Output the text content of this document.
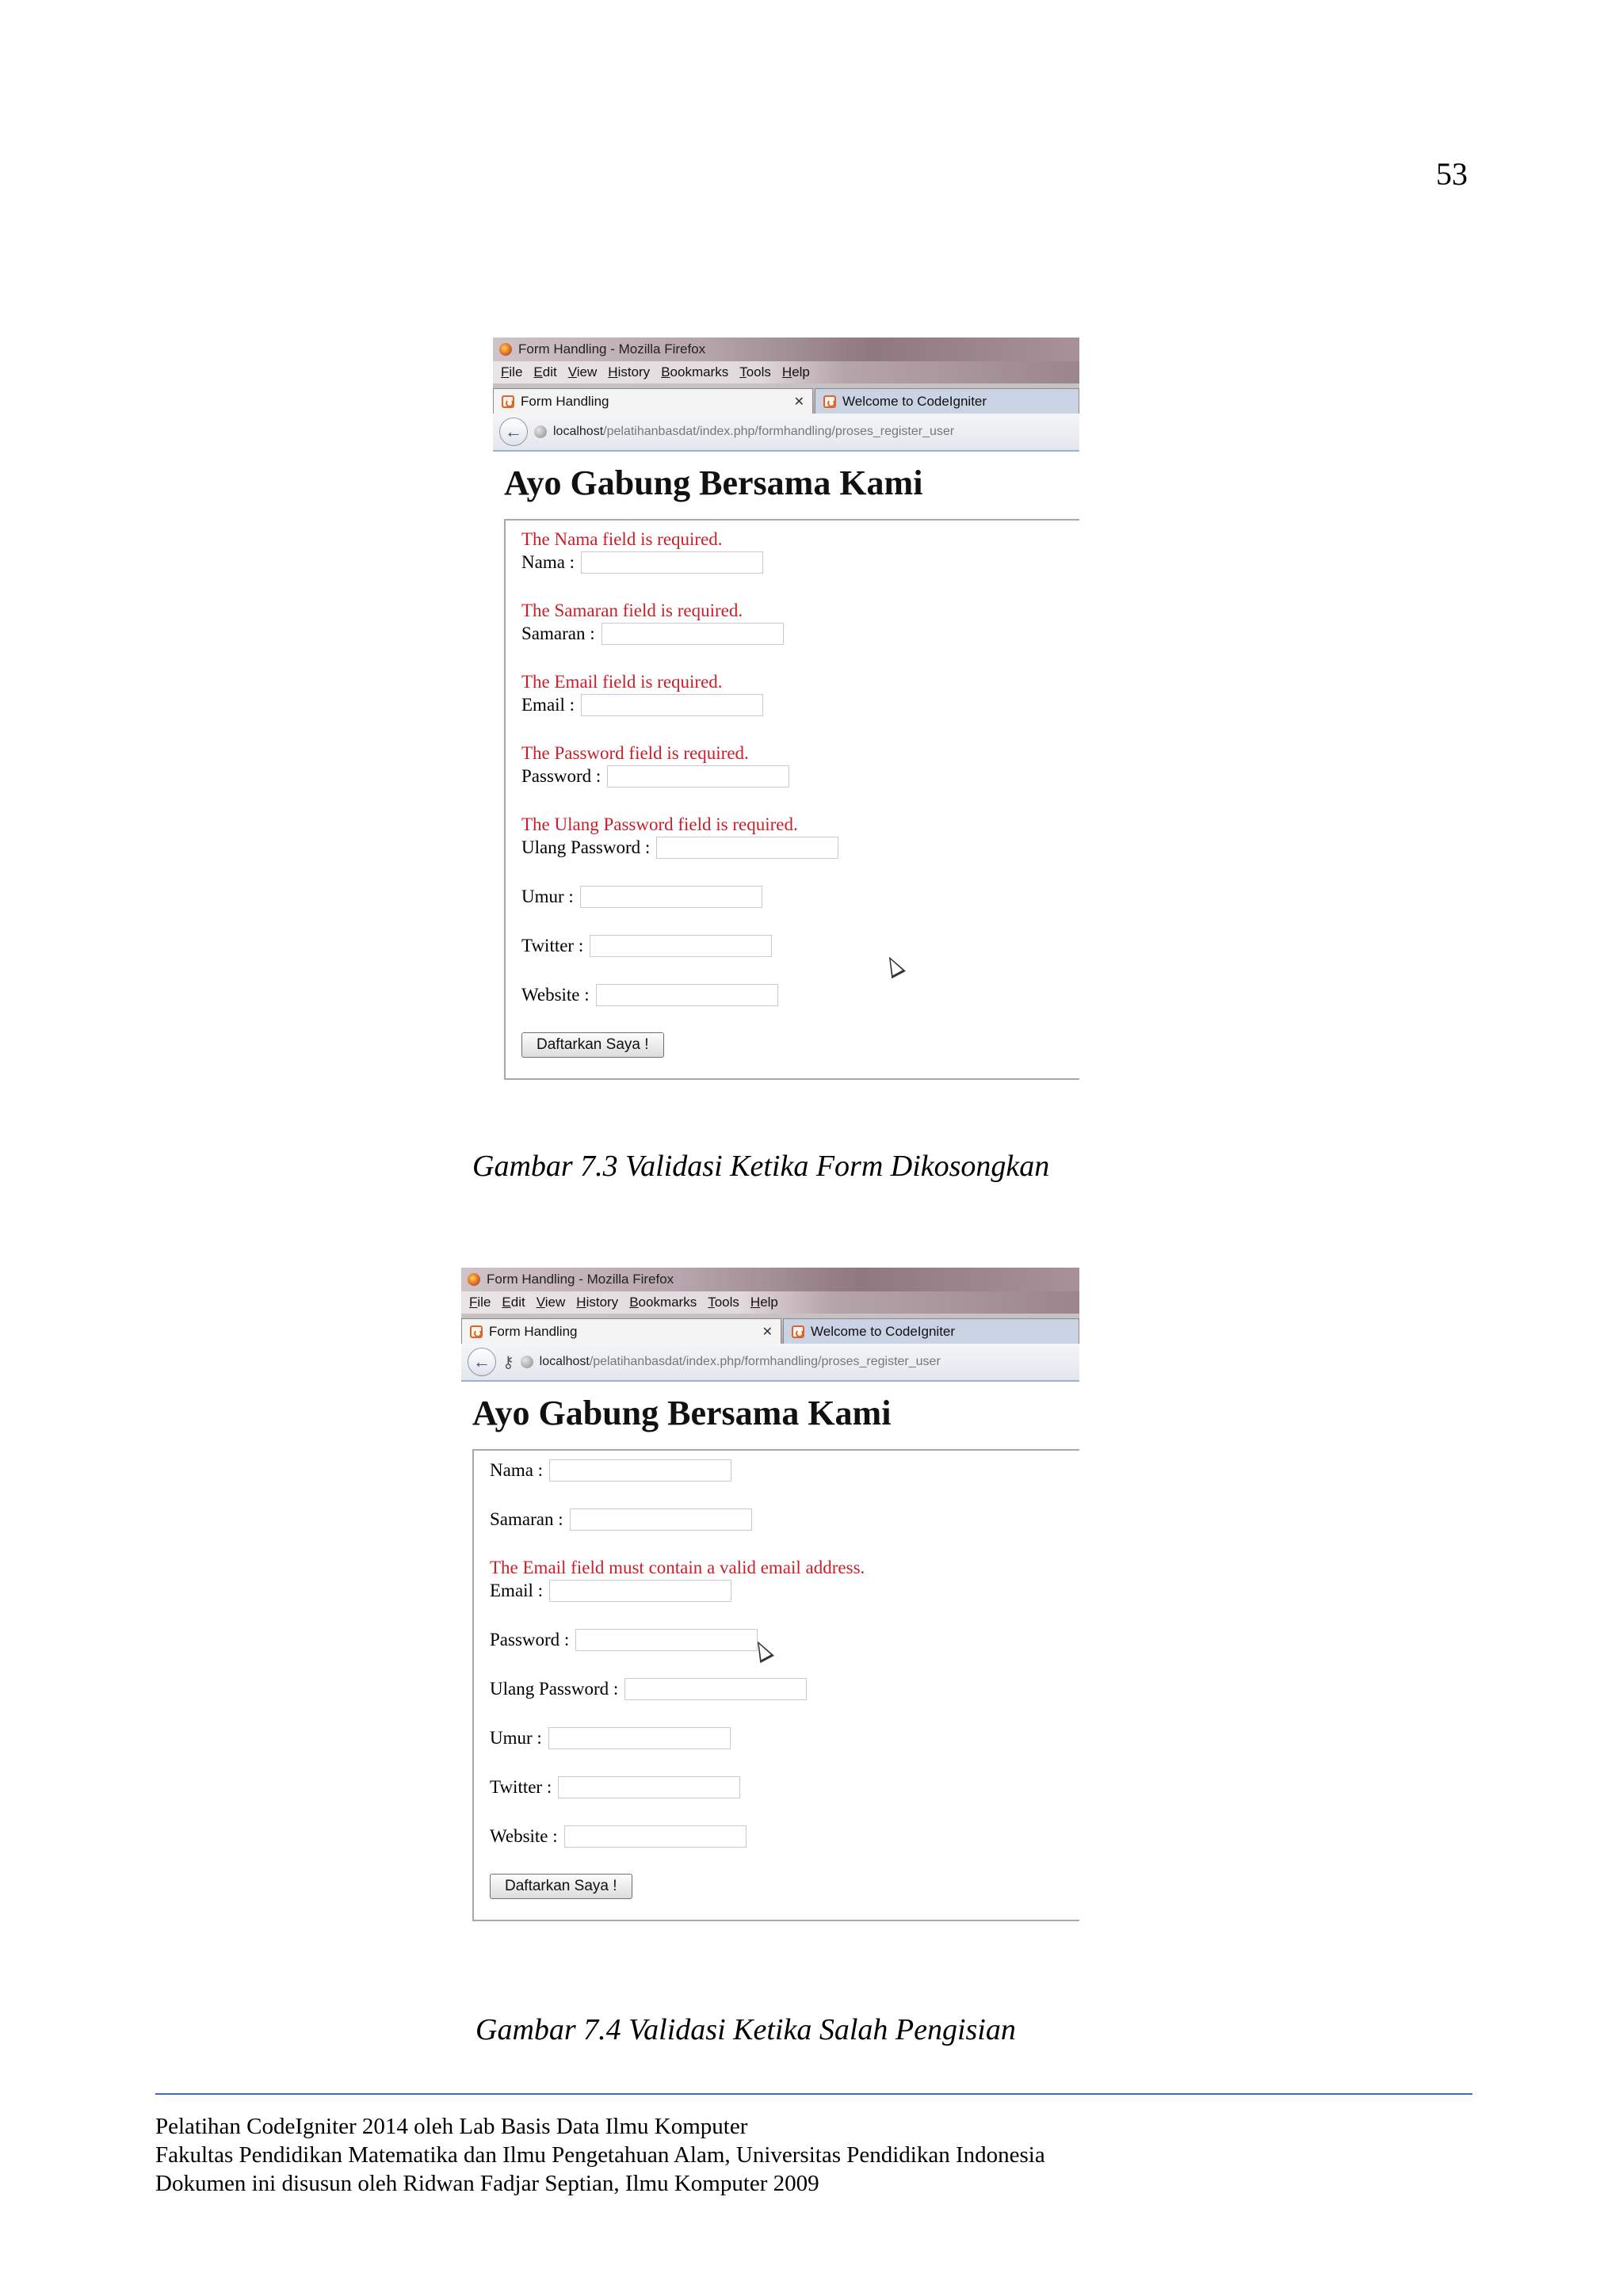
53
Form Handling - Mozilla Firefox
File Edit View History Bookmarks Tools Help
Form Handling	✕	Welcome to CodeIgniter
←	localhost/pelatihanbasdat/index.php/formhandling/proses_register_user
Ayo Gabung Bersama Kami
The Nama field is required.
Nama :
The Samaran field is required.
Samaran :
The Email field is required.
Email :
The Password field is required.
Password :
The Ulang Password field is required.
Ulang Password :
Umur :
Twitter :
Website :
Daftarkan Saya !
Gambar 7.3 Validasi Ketika Form Dikosongkan
Form Handling - Mozilla Firefox
File Edit View History Bookmarks Tools Help
Form Handling	✕	Welcome to CodeIgniter
← ⚷ localhost/pelatihanbasdat/index.php/formhandling/proses_register_user
Ayo Gabung Bersama Kami
Nama :
Samaran :
The Email field must contain a valid email address.
Email :
Password :
Ulang Password :
Umur :
Twitter :
Website :
Daftarkan Saya !
Gambar 7.4 Validasi Ketika Salah Pengisian
Pelatihan CodeIgniter 2014 oleh Lab Basis Data Ilmu Komputer
Fakultas Pendidikan Matematika dan Ilmu Pengetahuan Alam, Universitas Pendidikan Indonesia
Dokumen ini disusun oleh Ridwan Fadjar Septian, Ilmu Komputer 2009
